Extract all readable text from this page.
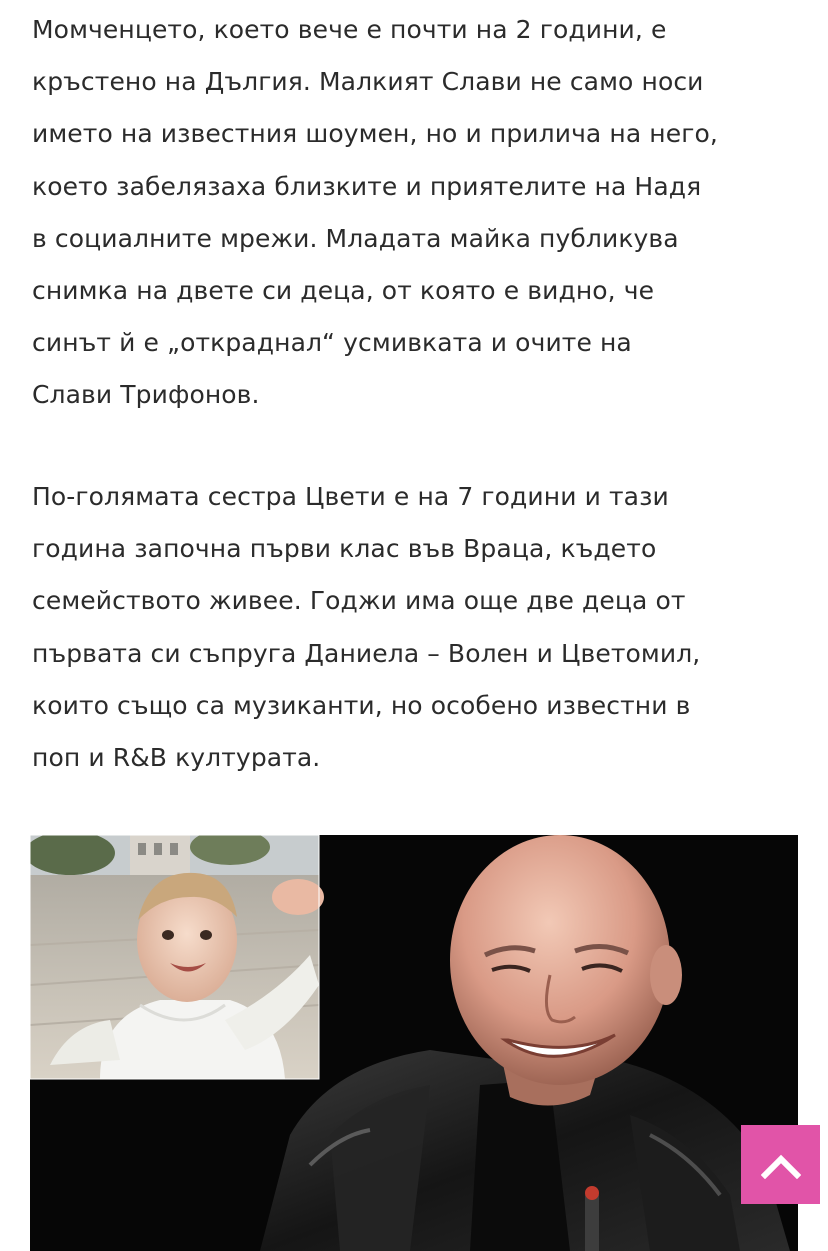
Момченцето, което вече е почти на 2 години, е
кръстено на Дългия. Малкият Слави не само носи
името на известния шоумен, но и прилича на него,
което забелязаха близките и приятелите на Надя
в социалните мрежи. Младата майка публикува
снимка на двете си деца, от която е видно, че
синът й е „откраднал“ усмивката и очите на
Слави Трифонов.

По-голямата сестра Цвети е на 7 години и тази
година започна първи клас във Враца, където
семейството живее. Годжи има още две деца от
първата си съпруга Даниела – Волен и Цветомил,
които също са музиканти, но особено известни в
поп и R&B културата.
